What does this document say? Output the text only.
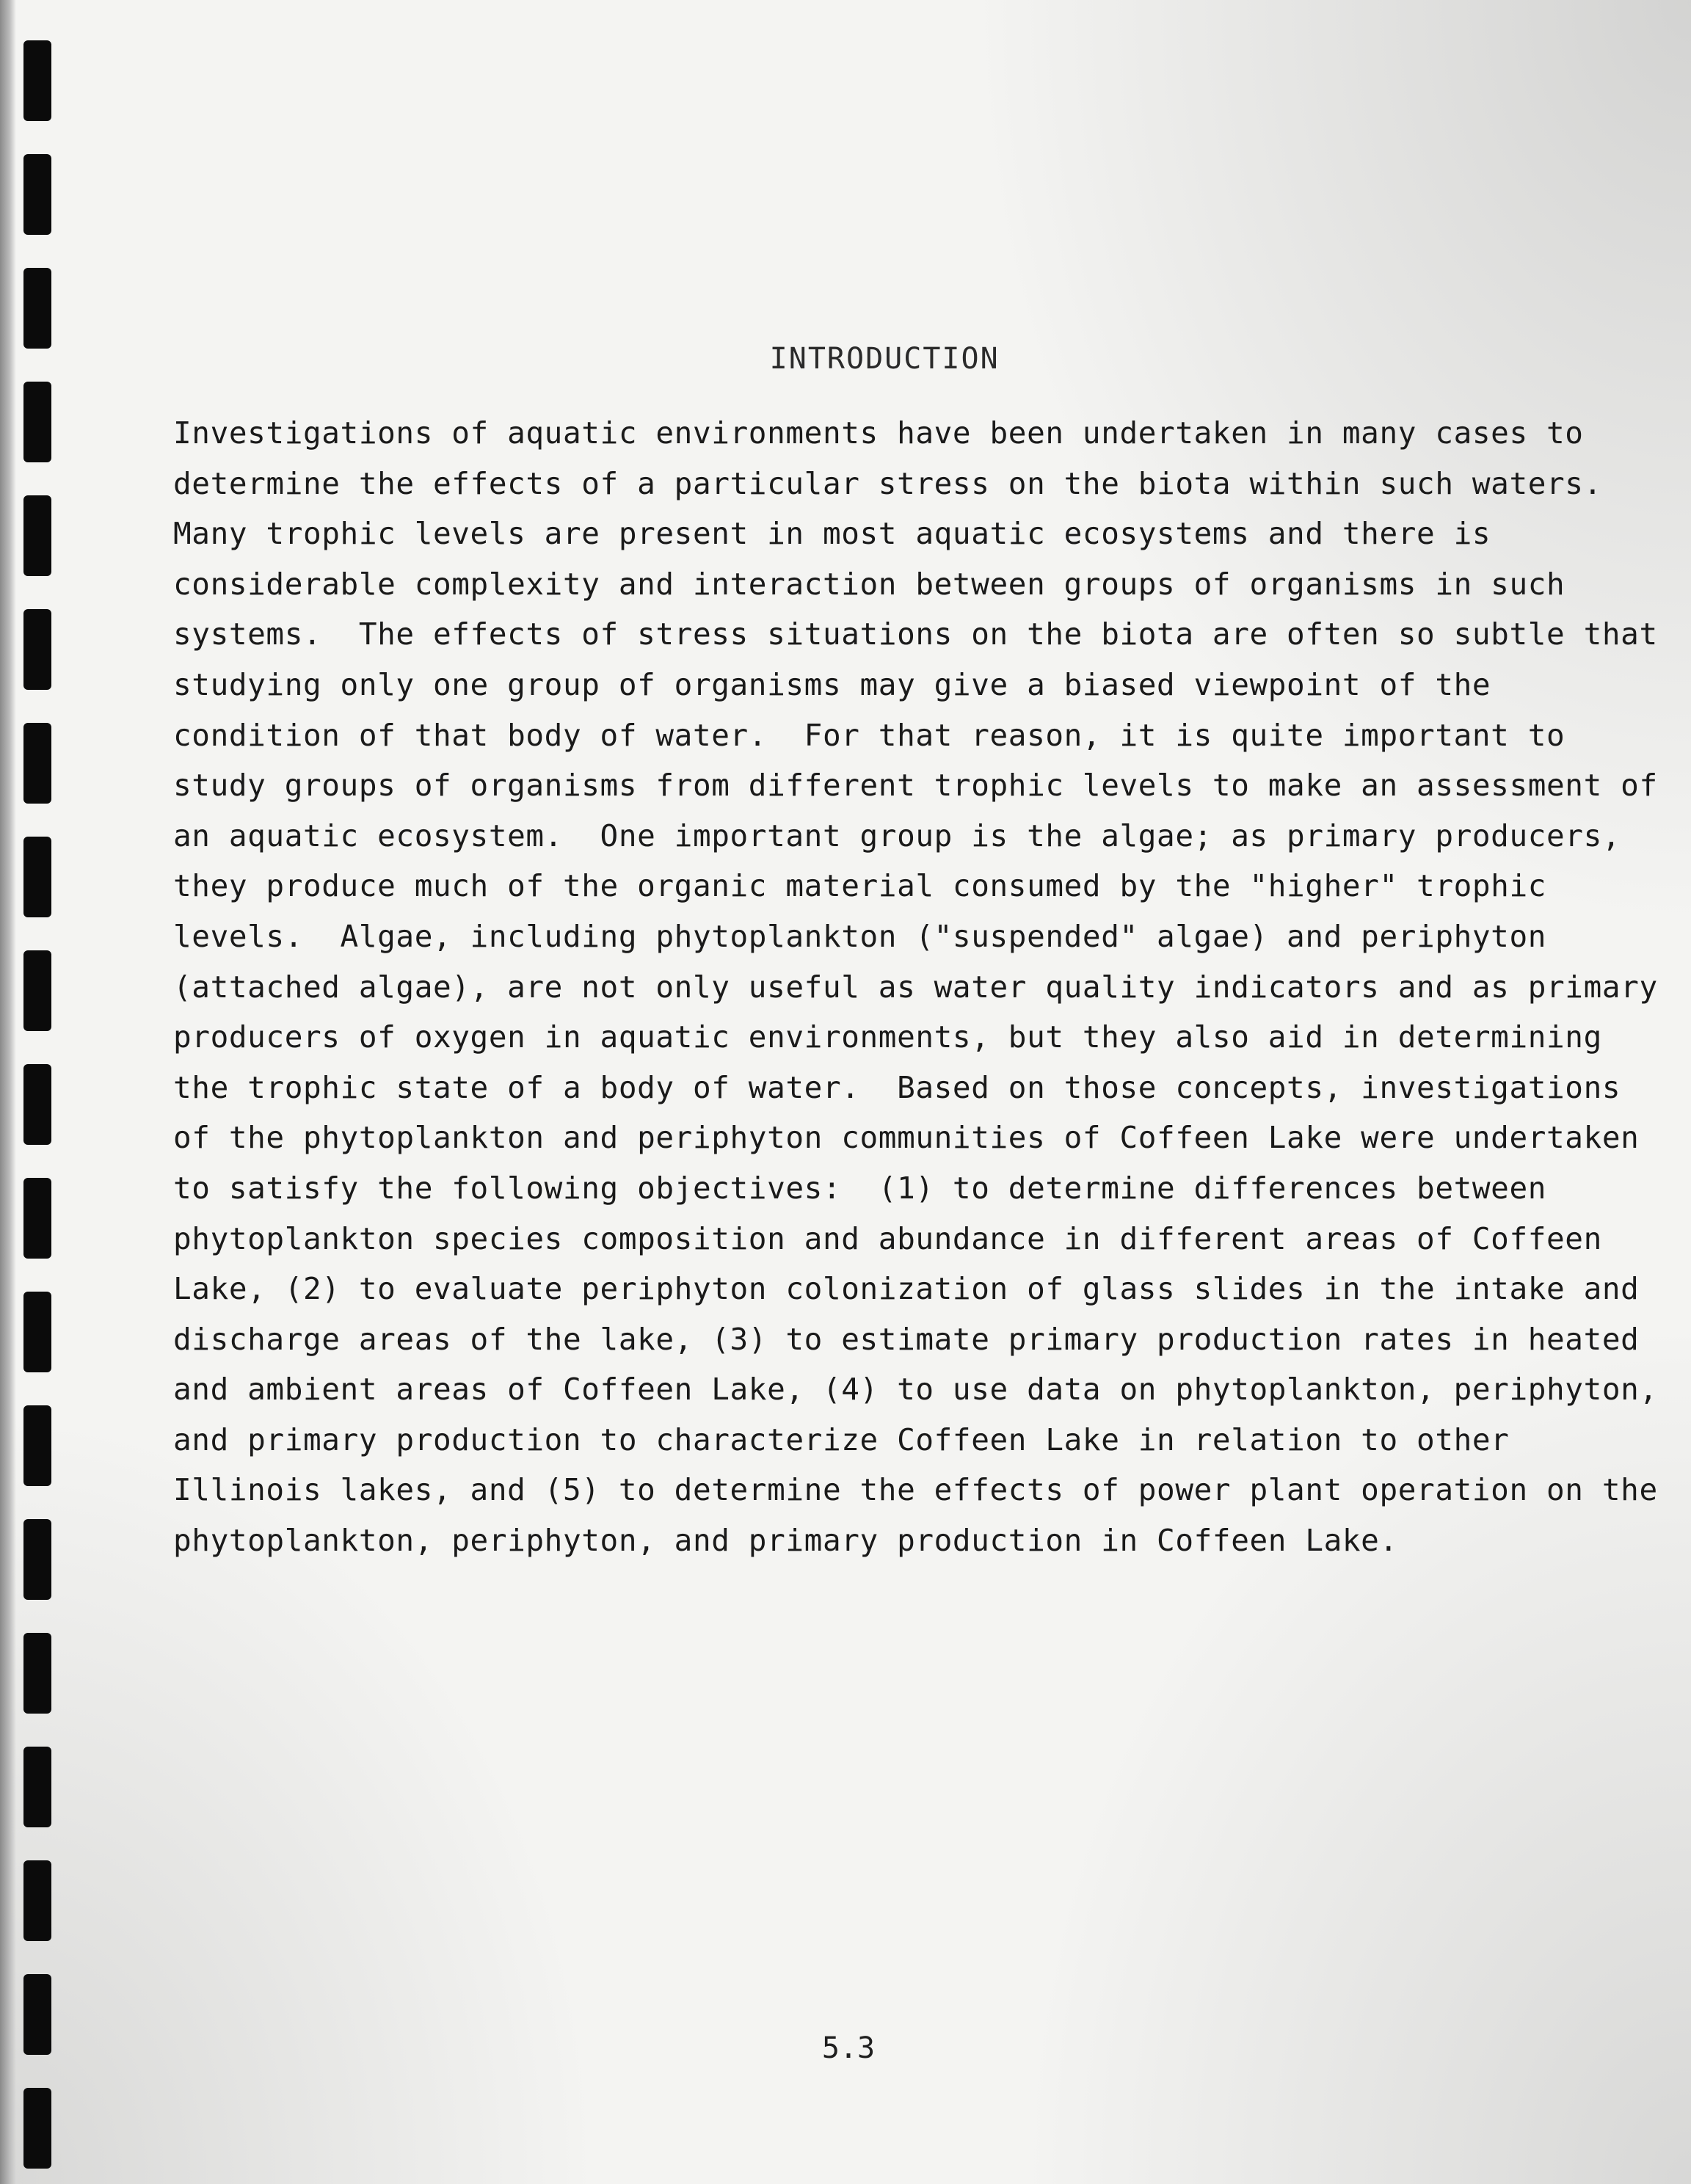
INTRODUCTION

Investigations of aquatic environments have been undertaken in many cases to
determine the effects of a particular stress on the biota within such waters.
Many trophic levels are present in most aquatic ecosystems and there is
considerable complexity and interaction between groups of organisms in such
systems.  The effects of stress situations on the biota are often so subtle that
studying only one group of organisms may give a biased viewpoint of the
condition of that body of water.  For that reason, it is quite important to
study groups of organisms from different trophic levels to make an assessment of
an aquatic ecosystem.  One important group is the algae; as primary producers,
they produce much of the organic material consumed by the "higher" trophic
levels.  Algae, including phytoplankton ("suspended" algae) and periphyton
(attached algae), are not only useful as water quality indicators and as primary
producers of oxygen in aquatic environments, but they also aid in determining
the trophic state of a body of water.  Based on those concepts, investigations
of the phytoplankton and periphyton communities of Coffeen Lake were undertaken
to satisfy the following objectives:  (1) to determine differences between
phytoplankton species composition and abundance in different areas of Coffeen
Lake, (2) to evaluate periphyton colonization of glass slides in the intake and
discharge areas of the lake, (3) to estimate primary production rates in heated
and ambient areas of Coffeen Lake, (4) to use data on phytoplankton, periphyton,
and primary production to characterize Coffeen Lake in relation to other
Illinois lakes, and (5) to determine the effects of power plant operation on the
phytoplankton, periphyton, and primary production in Coffeen Lake.
5.3
